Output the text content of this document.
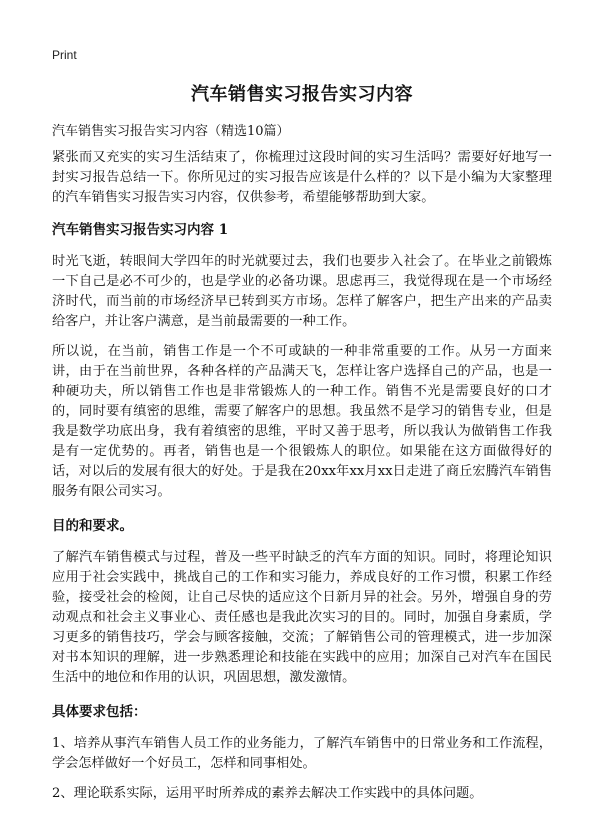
Print
汽车销售实习报告实习内容
汽车销售实习报告实习内容（精选10篇）

紧张而又充实的实习生活结束了，你梳理过这段时间的实习生活吗？需要好好地写一封实习报告总结一下。你所见过的实习报告应该是什么样的？以下是小编为大家整理的汽车销售实习报告实习内容，仅供参考，希望能够帮助到大家。

汽车销售实习报告实习内容 1

时光飞逝，转眼间大学四年的时光就要过去，我们也要步入社会了。在毕业之前锻炼一下自己是必不可少的，也是学业的必备功课。思虑再三，我觉得现在是一个市场经济时代，而当前的市场经济早已转到买方市场。怎样了解客户，把生产出来的产品卖给客户，并让客户满意，是当前最需要的一种工作。

所以说，在当前，销售工作是一个不可或缺的一种非常重要的工作。从另一方面来讲，由于在当前世界，各种各样的产品满天飞，怎样让客户选择自己的产品，也是一种硬功夫，所以销售工作也是非常锻炼人的一种工作。销售不光是需要良好的口才的，同时要有缜密的思维，需要了解客户的思想。我虽然不是学习的销售专业，但是我是数学功底出身，我有着缜密的思维，平时又善于思考，所以我认为做销售工作我是有一定优势的。再者，销售也是一个很锻炼人的职位。如果能在这方面做得好的话，对以后的发展有很大的好处。于是我在20xx年xx月xx日走进了商丘宏腾汽车销售服务有限公司实习。

目的和要求。

了解汽车销售模式与过程，普及一些平时缺乏的汽车方面的知识。同时，将理论知识应用于社会实践中，挑战自己的工作和实习能力，养成良好的工作习惯，积累工作经验，接受社会的检阅，让自己尽快的适应这个日新月异的社会。另外，增强自身的劳动观点和社会主义事业心、责任感也是我此次实习的目的。同时，加强自身素质，学习更多的销售技巧，学会与顾客接触，交流；了解销售公司的管理模式，进一步加深对书本知识的理解，进一步熟悉理论和技能在实践中的应用；加深自己对汽车在国民生活中的地位和作用的认识，巩固思想，激发激情。

具体要求包括：

1、培养从事汽车销售人员工作的业务能力，了解汽车销售中的日常业务和工作流程，学会怎样做好一个好员工，怎样和同事相处。

2、理论联系实际，运用平时所养成的素养去解决工作实践中的具体问题。
